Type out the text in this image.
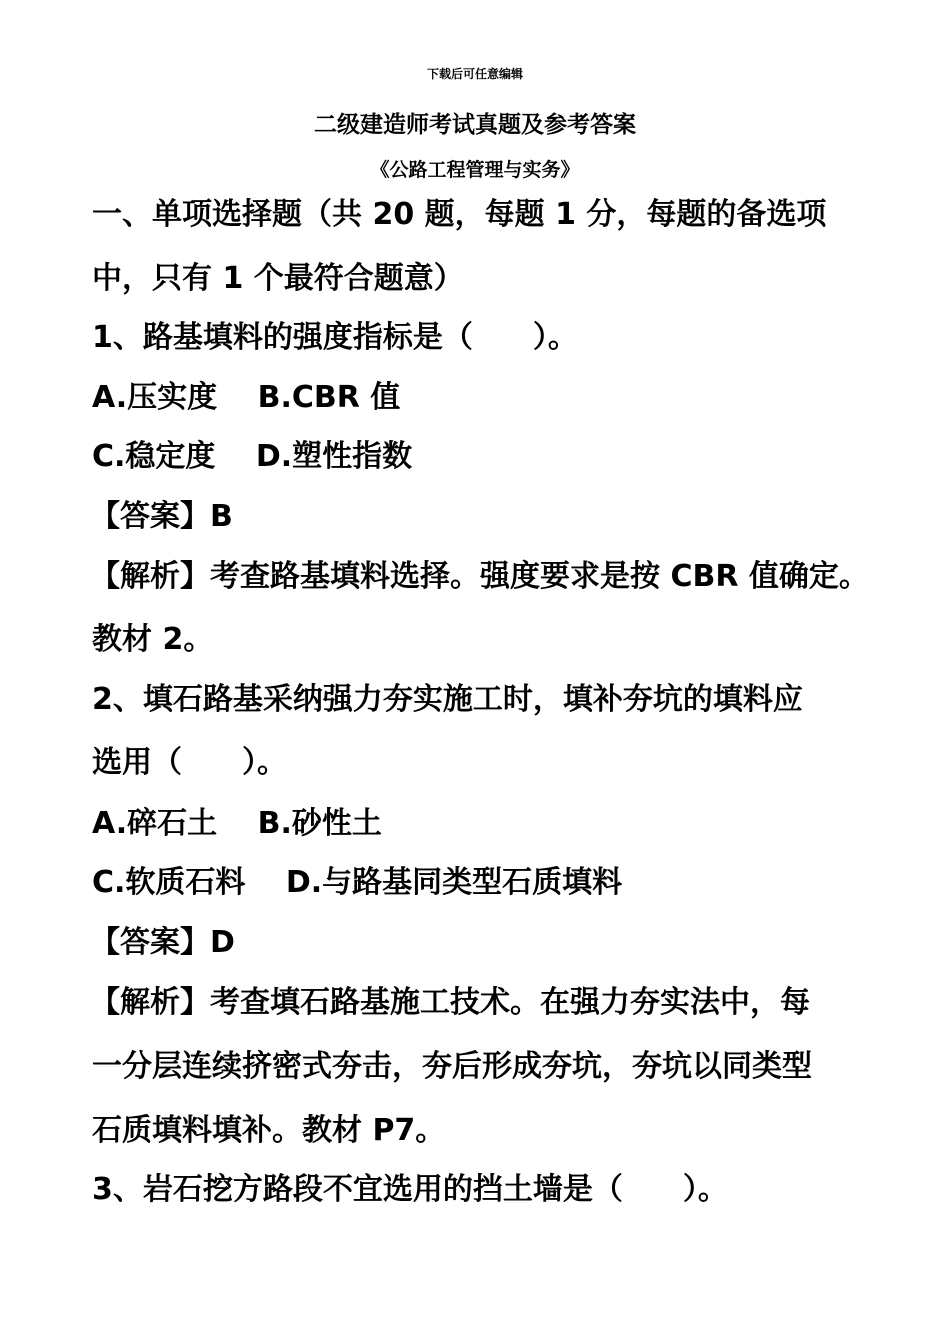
下载后可任意编辑
二级建造师考试真题及参考答案
《公路工程管理与实务》
一、单项选择题（共 20 题，每题 1 分，每题的备选项
中，只有 1 个最符合题意）
1、路基填料的强度指标是（　　）。
A.压实度　 B.CBR 值
C.稳定度　 D.塑性指数
【答案】B
【解析】考查路基填料选择。强度要求是按 CBR 值确定。
教材 2。
2、填石路基采纳强力夯实施工时，填补夯坑的填料应
选用（　　）。
A.碎石土　 B.砂性土
C.软质石料　 D.与路基同类型石质填料
【答案】D
【解析】考查填石路基施工技术。在强力夯实法中，每
一分层连续挤密式夯击，夯后形成夯坑，夯坑以同类型
石质填料填补。教材 P7。
3、岩石挖方路段不宜选用的挡土墙是（　　）。
